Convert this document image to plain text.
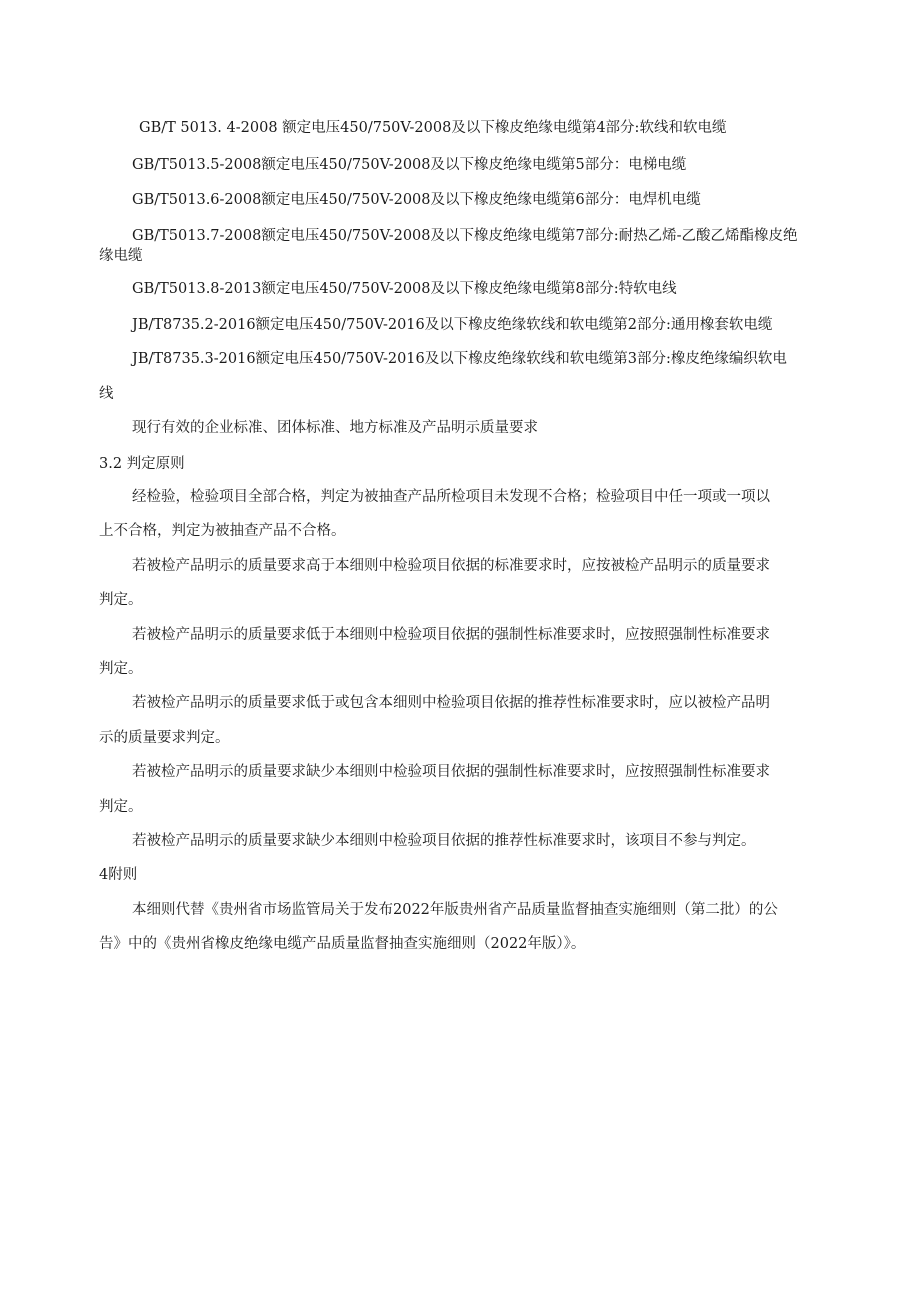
GB/T 5013. 4-2008 额定电压450/750V-2008及以下橡皮绝缘电缆第4部分:软线和软电缆

GB/T5013.5-2008额定电压450/750V-2008及以下橡皮绝缘电缆第5部分：电梯电缆

GB/T5013.6-2008额定电压450/750V-2008及以下橡皮绝缘电缆第6部分：电焊机电缆

GB/T5013.7-2008额定电压450/750V-2008及以下橡皮绝缘电缆第7部分:耐热乙烯-乙酸乙烯酯橡皮绝

缘电缆

GB/T5013.8-2013额定电压450/750V-2008及以下橡皮绝缘电缆第8部分:特软电线

JB/T8735.2-2016额定电压450/750V-2016及以下橡皮绝缘软线和软电缆第2部分:通用橡套软电缆

JB/T8735.3-2016额定电压450/750V-2016及以下橡皮绝缘软线和软电缆第3部分:橡皮绝缘编织软电

线

现行有效的企业标准、团体标准、地方标准及产品明示质量要求

3.2 判定原则

经检验，检验项目全部合格，判定为被抽查产品所检项目未发现不合格；检验项目中任一项或一项以

上不合格，判定为被抽查产品不合格。

若被检产品明示的质量要求高于本细则中检验项目依据的标准要求时，应按被检产品明示的质量要求

判定。

若被检产品明示的质量要求低于本细则中检验项目依据的强制性标准要求时，应按照强制性标准要求

判定。

若被检产品明示的质量要求低于或包含本细则中检验项目依据的推荐性标准要求时，应以被检产品明

示的质量要求判定。

若被检产品明示的质量要求缺少本细则中检验项目依据的强制性标准要求时，应按照强制性标准要求

判定。

若被检产品明示的质量要求缺少本细则中检验项目依据的推荐性标准要求时，该项目不参与判定。

4附则

本细则代替《贵州省市场监管局关于发布2022年版贵州省产品质量监督抽查实施细则（第二批）的公

告》中的《贵州省橡皮绝缘电缆产品质量监督抽查实施细则（2022年版）》。
